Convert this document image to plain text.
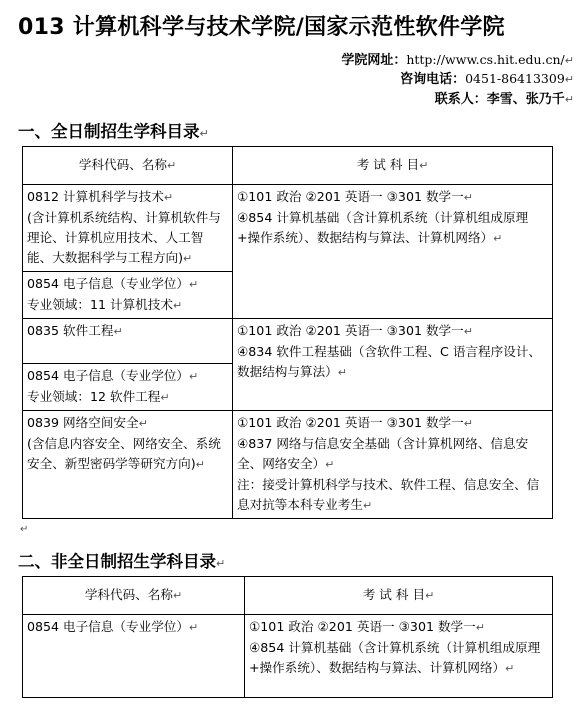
013 计算机科学与技术学院/国家示范性软件学院
学院网址：http://www.cs.hit.edu.cn/↵
咨询电话：0451-86413309↵
联系人：李雪、张乃千↵
一、全日制招生学科目录↵
学科代码、名称↵	考 试 科 目↵
0812 计算机科学与技术↵
(含计算机系统结构、计算机软件与理论、计算机应用技术、人工智能、大数据科学与工程方向)↵	①101 政治 ②201 英语一 ③301 数学一↵
④854 计算机基础（含计算机系统（计算机组成原理+操作系统）、数据结构与算法、计算机网络）↵
0854 电子信息（专业学位）↵
专业领域：11 计算机技术↵	
0835 软件工程↵	①101 政治 ②201 英语一 ③301 数学一↵
④834 软件工程基础（含软件工程、C 语言程序设计、数据结构与算法）↵
0854 电子信息（专业学位）↵
专业领域：12 软件工程↵	
0839 网络空间安全↵
(含信息内容安全、网络安全、系统安全、新型密码学等研究方向)↵	①101 政治 ②201 英语一 ③301 数学一↵
④837 网络与信息安全基础（含计算机网络、信息安全、网络安全）↵
注：接受计算机科学与技术、软件工程、信息安全、信息对抗等本科专业考生↵
↵
二、非全日制招生学科目录↵
学科代码、名称↵	考 试 科 目↵
0854 电子信息（专业学位）↵	①101 政治 ②201 英语一 ③301 数学一↵
④854 计算机基础（含计算机系统（计算机组成原理+操作系统）、数据结构与算法、计算机网络）↵
